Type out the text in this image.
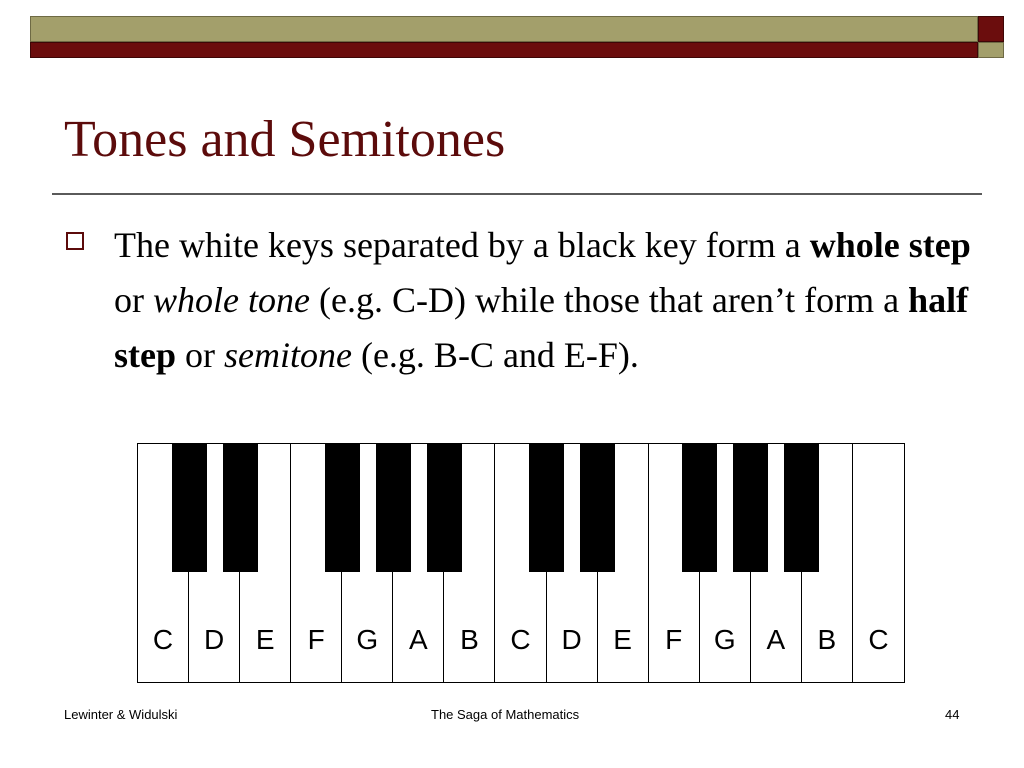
Tones and Semitones
The white keys separated by a black key form a whole step or whole tone (e.g. C-D) while those that aren’t form a half step or semitone (e.g. B-C and E-F).
C	D	E	F	G	A	B	C	D	E	F	G	A	B	C
Lewinter & Widulski	The Saga of Mathematics	44
